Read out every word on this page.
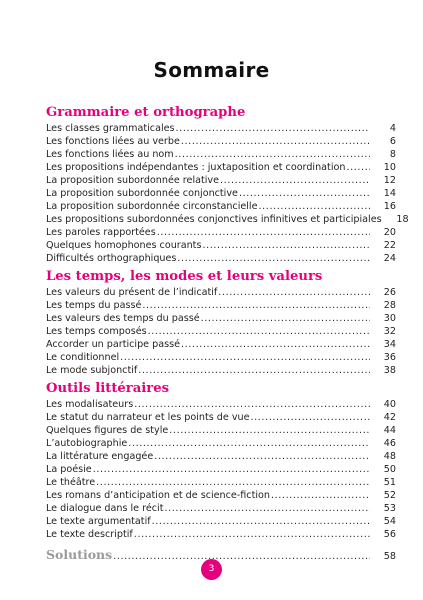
Sommaire
Grammaire et orthographe
Les classes grammaticales .....	4
Les fonctions liées au verbe .....	6
Les fonctions liées au nom .....	8
Les propositions indépendantes : juxtaposition et coordination .....	10
La proposition subordonnée relative .....	12
La proposition subordonnée conjonctive .....	14
La proposition subordonnée circonstancielle .....	16
Les propositions subordonnées conjonctives infinitives et participiales	18
Les paroles rapportées .....	20
Quelques homophones courants .....	22
Difficultés orthographiques .....	24
Les temps, les modes et leurs valeurs
Les valeurs du présent de l’indicatif .....	26
Les temps du passé .....	28
Les valeurs des temps du passé .....	30
Les temps composés .....	32
Accorder un participe passé .....	34
Le conditionnel .....	36
Le mode subjonctif .....	38
Outils littéraires
Les modalisateurs .....	40
Le statut du narrateur et les points de vue .....	42
Quelques figures de style .....	44
L’autobiographie .....	46
La littérature engagée .....	48
La poésie .....	50
Le théâtre .....	51
Les romans d’anticipation et de science-fiction .....	52
Le dialogue dans le récit .....	53
Le texte argumentatif .....	54
Le texte descriptif .....	56
Solutions .....	58
3
